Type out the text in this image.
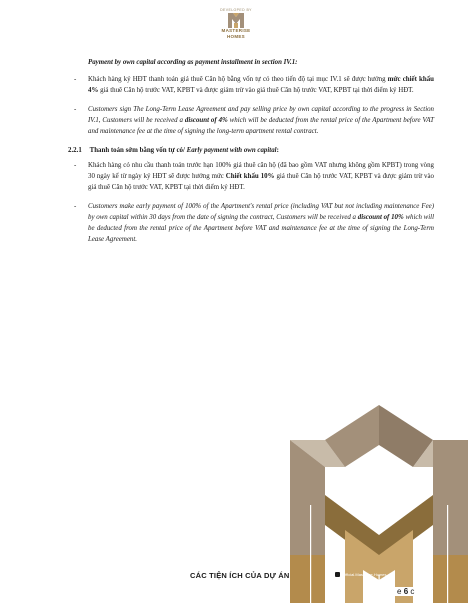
DEVELOPED BY
MASTERISE HOMES
Payment by own capital according as payment installment in section IV.1:
- Khách hàng ký HĐT thanh toán giá thuê Căn hộ bằng vốn tự có theo tiến độ tại mục IV.1 sẽ được hưởng mức chiết khấu 4% giá thuê Căn hộ trước VAT, KPBT và được giảm trừ vào giá thuê Căn hộ trước VAT, KPBT tại thời điểm ký HĐT.
- Customers sign The Long-Term Lease Agreement and pay selling price by own capital according to the progress in Section IV.1, Customers will be received a discount of 4% which will be deducted from the rental price of the Apartment before VAT and maintenance fee at the time of signing the long-term apartment rental contract.
2.2.1 Thanh toán sớm bằng vốn tự có/ Early payment with own capital:
- Khách hàng có nhu cầu thanh toán trước hạn 100% giá thuê căn hộ (đã bao gồm VAT nhưng không gồm KPBT) trong vòng 30 ngày kể từ ngày ký HĐT sẽ được hưởng mức Chiết khấu 10% giá thuê Căn hộ trước VAT, KPBT và được giảm trừ vào giá thuê Căn hộ trước VAT, KPBT tại thời điểm ký HĐT.
- Customers make early payment of 100% of the Apartment's rental price (including VAT but not including maintenance Fee) by own capital within 30 days from the date of signing the contract, Customers will be received a discount of 10% which will be deducted from the rental price of the Apartment before VAT and maintenance fee at the time of signing the Long-Term Lease Agreement.
CÁC TIỆN ÍCH CỦA DỰ ÁN	/Official.Masterise.Homes
e 6 c
